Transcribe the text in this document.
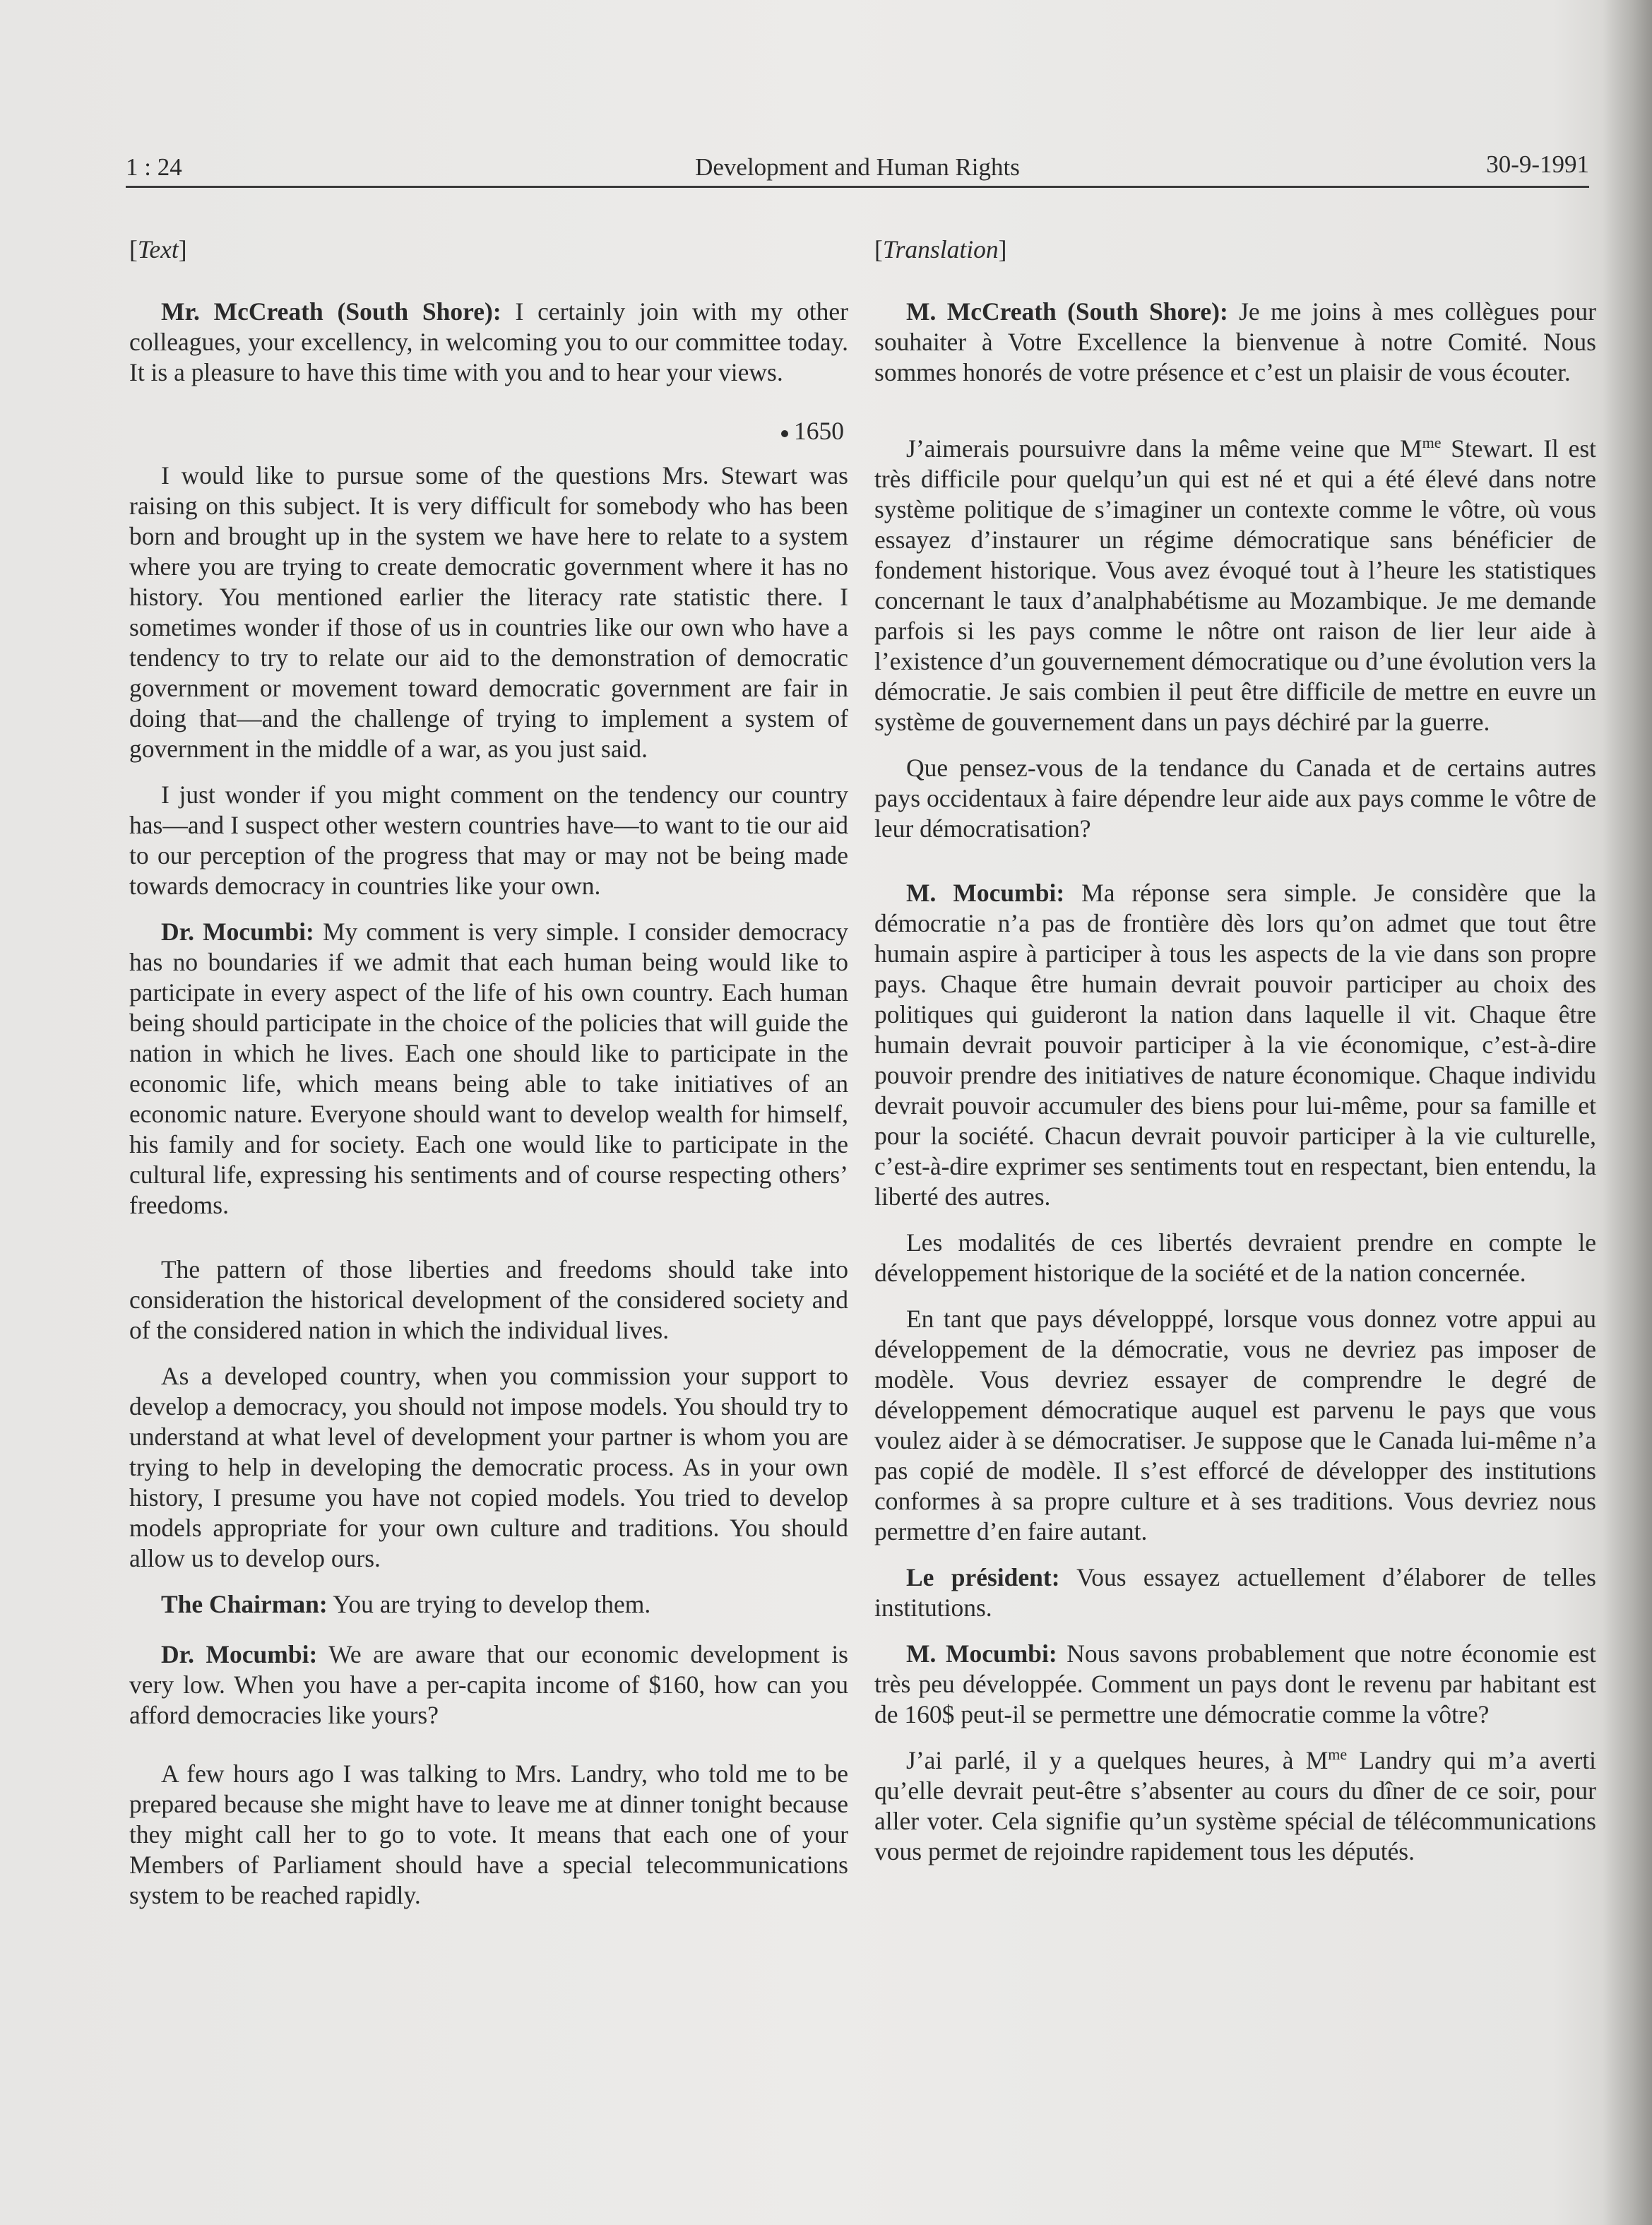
1 : 24	Development and Human Rights	30-9-1991
[Text]

Mr. McCreath (South Shore): I certainly join with my other colleagues, your excellency, in welcoming you to our committee today. It is a pleasure to have this time with you and to hear your views.

1650

I would like to pursue some of the questions Mrs. Stewart was raising on this subject. It is very difficult for somebody who has been born and brought up in the system we have here to relate to a system where you are trying to create democratic government where it has no history. You mentioned earlier the literacy rate statistic there. I sometimes wonder if those of us in countries like our own who have a tendency to try to relate our aid to the demonstration of democratic government or movement toward democratic government are fair in doing that—and the challenge of trying to implement a system of government in the middle of a war, as you just said.

I just wonder if you might comment on the tendency our country has—and I suspect other western countries have—to want to tie our aid to our perception of the progress that may or may not be being made towards democracy in countries like your own.

Dr. Mocumbi: My comment is very simple. I consider democracy has no boundaries if we admit that each human being would like to participate in every aspect of the life of his own country. Each human being should participate in the choice of the policies that will guide the nation in which he lives. Each one should like to participate in the economic life, which means being able to take initiatives of an economic nature. Everyone should want to develop wealth for himself, his family and for society. Each one would like to participate in the cultural life, expressing his sentiments and of course respecting others’ freedoms.

The pattern of those liberties and freedoms should take into consideration the historical development of the considered society and of the considered nation in which the individual lives.

As a developed country, when you commission your support to develop a democracy, you should not impose models. You should try to understand at what level of development your partner is whom you are trying to help in developing the democratic process. As in your own history, I presume you have not copied models. You tried to develop models appropriate for your own culture and traditions. You should allow us to develop ours.

The Chairman: You are trying to develop them.

Dr. Mocumbi: We are aware that our economic development is very low. When you have a per-capita income of $160, how can you afford democracies like yours?

A few hours ago I was talking to Mrs. Landry, who told me to be prepared because she might have to leave me at dinner tonight because they might call her to go to vote. It means that each one of your Members of Parliament should have a special telecommunications system to be reached rapidly.

[Translation]

M. McCreath (South Shore): Je me joins à mes collègues pour souhaiter à Votre Excellence la bienvenue à notre Comité. Nous sommes honorés de votre présence et c’est un plaisir de vous écouter.

J’aimerais poursuivre dans la même veine que $M^{me}$ Stewart. Il est très difficile pour quelqu’un qui est né et qui a été élevé dans notre système politique de s’imaginer un contexte comme le vôtre, où vous essayez d’instaurer un régime démocratique sans bénéficier de fondement historique. Vous avez évoqué tout à l’heure les statistiques concernant le taux d’analphabétisme au Mozambique. Je me demande parfois si les pays comme le nôtre ont raison de lier leur aide à l’existence d’un gouvernement démocratique ou d’une évolution vers la démocratie. Je sais combien il peut être difficile de mettre en euvre un système de gouvernement dans un pays déchiré par la guerre.

Que pensez-vous de la tendance du Canada et de certains autres pays occidentaux à faire dépendre leur aide aux pays comme le vôtre de leur démocratisation?

M. Mocumbi: Ma réponse sera simple. Je considère que la démocratie n’a pas de frontière dès lors qu’on admet que tout être humain aspire à participer à tous les aspects de la vie dans son propre pays. Chaque être humain devrait pouvoir participer au choix des politiques qui guideront la nation dans laquelle il vit. Chaque être humain devrait pouvoir participer à la vie économique, c’est-à-dire pouvoir prendre des initiatives de nature économique. Chaque individu devrait pouvoir accumuler des biens pour lui-même, pour sa famille et pour la société. Chacun devrait pouvoir participer à la vie culturelle, c’est-à-dire exprimer ses sentiments tout en respectant, bien entendu, la liberté des autres.

Les modalités de ces libertés devraient prendre en compte le développement historique de la société et de la nation concernée.

En tant que pays développpé, lorsque vous donnez votre appui au développement de la démocratie, vous ne devriez pas imposer de modèle. Vous devriez essayer de comprendre le degré de développement démocratique auquel est parvenu le pays que vous voulez aider à se démocratiser. Je suppose que le Canada lui-même n’a pas copié de modèle. Il s’est efforcé de développer des institutions conformes à sa propre culture et à ses traditions. Vous devriez nous permettre d’en faire autant.

Le président: Vous essayez actuellement d’élaborer de telles institutions.

M. Mocumbi: Nous savons probablement que notre économie est très peu développée. Comment un pays dont le revenu par habitant est de 160$ peut-il se permettre une démocratie comme la vôtre?

J’ai parlé, il y a quelques heures, à $M^{me}$ Landry qui m’a averti qu’elle devrait peut-être s’absenter au cours du dîner de ce soir, pour aller voter. Cela signifie qu’un système spécial de télécommunications vous permet de rejoindre rapidement tous les députés.
